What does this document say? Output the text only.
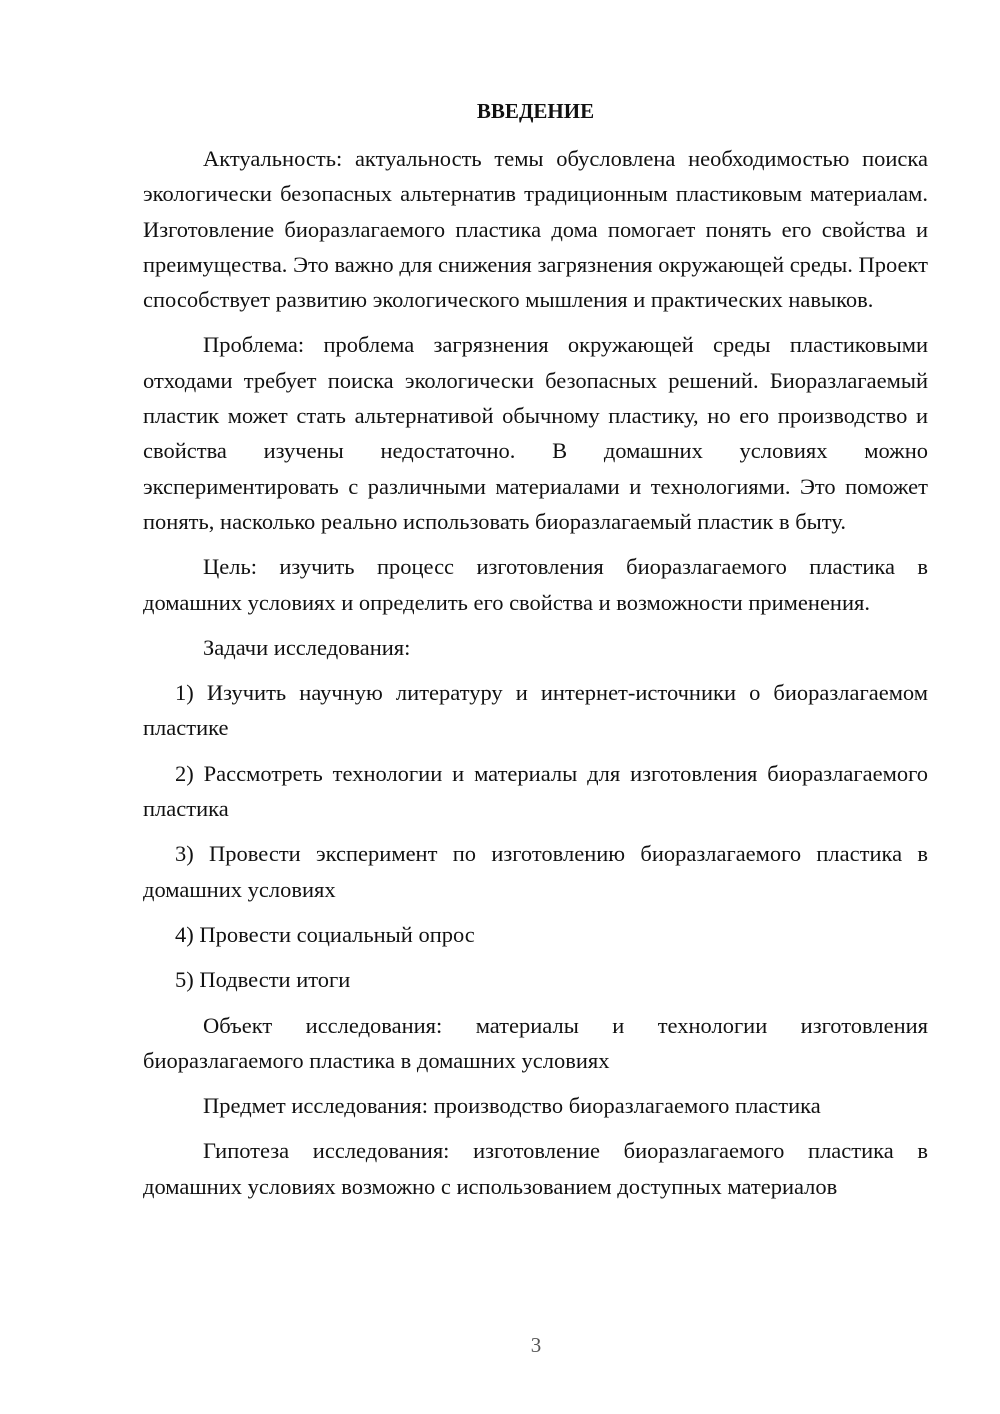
ВВЕДЕНИЕ

Актуальность: актуальность темы обусловлена необходимостью поиска экологически безопасных альтернатив традиционным пластиковым материалам. Изготовление биоразлагаемого пластика дома помогает понять его свойства и преимущества. Это важно для снижения загрязнения окружающей среды. Проект способствует развитию экологического мышления и практических навыков.

Проблема: проблема загрязнения окружающей среды пластиковыми отходами требует поиска экологически безопасных решений. Биоразлагаемый пластик может стать альтернативой обычному пластику, но его производство и свойства изучены недостаточно. В домашних условиях можно экспериментировать с различными материалами и технологиями. Это поможет понять, насколько реально использовать биоразлагаемый пластик в быту.

Цель: изучить процесс изготовления биоразлагаемого пластика в домашних условиях и определить его свойства и возможности применения.

Задачи исследования:

1) Изучить научную литературу и интернет-источники о биоразлагаемом пластике

2) Рассмотреть технологии и материалы для изготовления биоразлагаемого пластика

3) Провести эксперимент по изготовлению биоразлагаемого пластика в домашних условиях

4) Провести социальный опрос

5) Подвести итоги

Объект исследования: материалы и технологии изготовления биоразлагаемого пластика в домашних условиях

Предмет исследования: производство биоразлагаемого пластика

Гипотеза исследования: изготовление биоразлагаемого пластика в домашних условиях возможно с использованием доступных материалов

3
